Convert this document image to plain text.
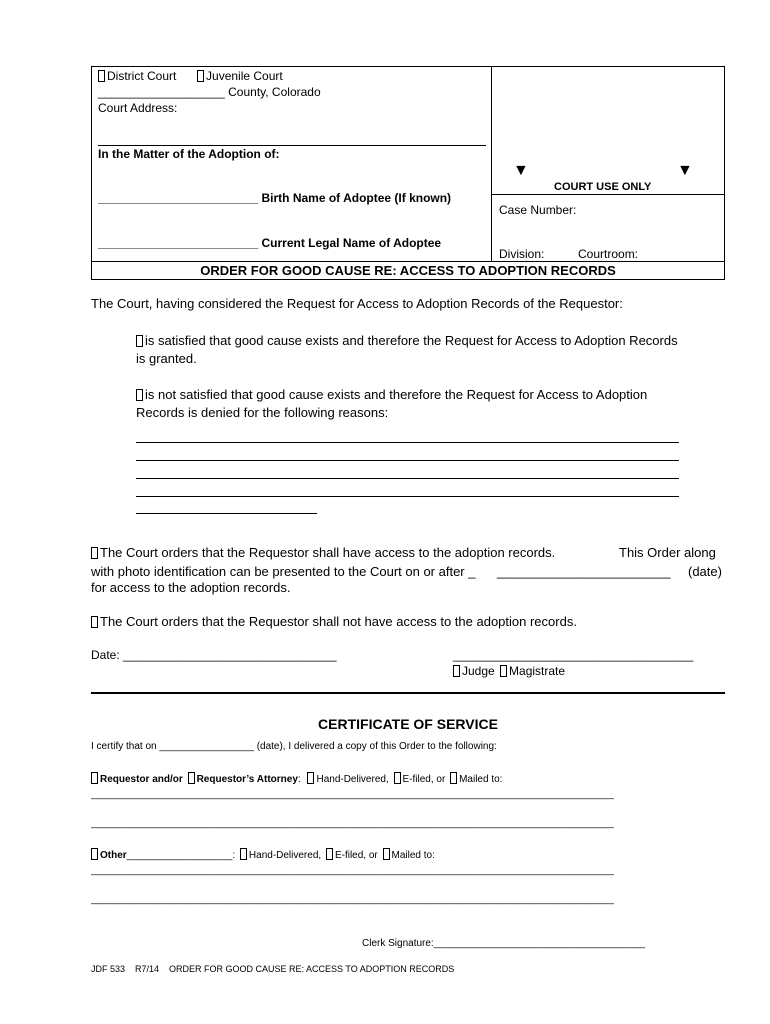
District Court Juvenile Court
___________________ County, Colorado
Court Address:
In the Matter of the Adoption of:
________________________ Birth Name of Adoptee (If known)
________________________ Current Legal Name of Adoptee
▼	▼
COURT USE ONLY
Case Number:
Division:	Courtroom:
ORDER FOR GOOD CAUSE RE: ACCESS TO ADOPTION RECORDS
The Court, having considered the Request for Access to Adoption Records of the Requestor:
is satisfied that good cause exists and therefore the Request for Access to Adoption Records
is granted.
is not satisfied that good cause exists and therefore the Request for Access to Adoption
Records is denied for the following reasons:
The Court orders that the Requestor shall have access to the adoption records.	This Order along
with photo identification can be presented to the Court on or after _ ________________________ (date)
for access to the adoption records.
The Court orders that the Requestor shall not have access to the adoption records.
Date: ________________________________	____________________________________
Judge Magistrate
CERTIFICATE OF SERVICE
I certify that on _________________ (date), I delivered a copy of this Order to the following:
Requestor and/or Requestor’s Attorney: Hand-Delivered, E-filed, or Mailed to:
______________________________________________________________________________________________
______________________________________________________________________________________________
Other___________________: Hand-Delivered, E-filed, or Mailed to:
______________________________________________________________________________________________
______________________________________________________________________________________________
Clerk Signature:______________________________________
JDF 533    R7/14    ORDER FOR GOOD CAUSE RE: ACCESS TO ADOPTION RECORDS
